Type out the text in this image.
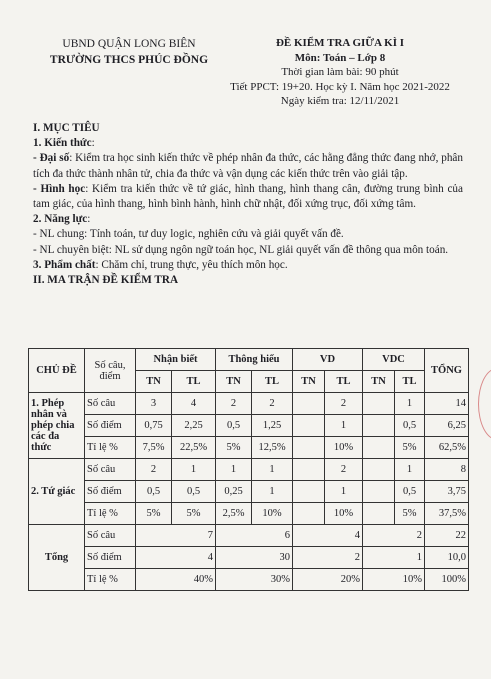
UBND QUẬN LONG BIÊN
TRƯỜNG THCS PHÚC ĐỒNG
ĐỀ KIỂM TRA GIỮA KÌ I
Môn: Toán – Lớp 8
Thời gian làm bài: 90 phút
Tiết PPCT: 19+20. Học kỳ I. Năm học 2021-2022
Ngày kiểm tra: 12/11/2021

I. MỤC TIÊU

1. Kiến thức:

- Đại số: Kiểm tra học sinh kiến thức về phép nhân đa thức, các hằng đẳng thức đang nhớ, phân tích đa thức thành nhân tử, chia đa thức và vận dụng các kiến thức trên vào giải tập.

- Hình học: Kiểm tra kiến thức về tứ giác, hình thang, hình thang cân, đường trung bình của tam giác, của hình thang, hình bình hành, hình chữ nhật, đối xứng trục, đối xứng tâm.

2. Năng lực:

- NL chung: Tính toán, tư duy logic, nghiên cứu và giải quyết vấn đề.

- NL chuyên biệt: NL sử dụng ngôn ngữ toán học, NL giải quyết vấn đề thông qua môn toán.

3. Phẩm chất: Chăm chỉ, trung thực, yêu thích môn học.

II. MA TRẬN ĐỀ KIỂM TRA

CHỦ ĐỀ	Số câu, điểm	Nhận biết		Thông hiểu		VD		VDC		TỔNG
		TN	TL	TN	TL	TN	TL	TN	TL	
1. Phép nhân và phép chia các đa thức	Số câu	3	4	2	2		2		1	14
	Số điểm	0,75	2,25	0,5	1,25		1		0,5	6,25
	Tỉ lệ %	7,5%	22,5%	5%	12,5%		10%		5%	62,5%
2. Tứ giác	Số câu	2	1	1	1		2		1	8
	Số điểm	0,5	0,5	0,25	1		1		0,5	3,75
	Tỉ lệ %	5%	5%	2,5%	10%		10%		5%	37,5%
Tổng	Số câu	7		6		4		2		22
	Số điểm	4		30		2		1		10,0
	Tỉ lệ %	40%		30%		20%		10%		100%
